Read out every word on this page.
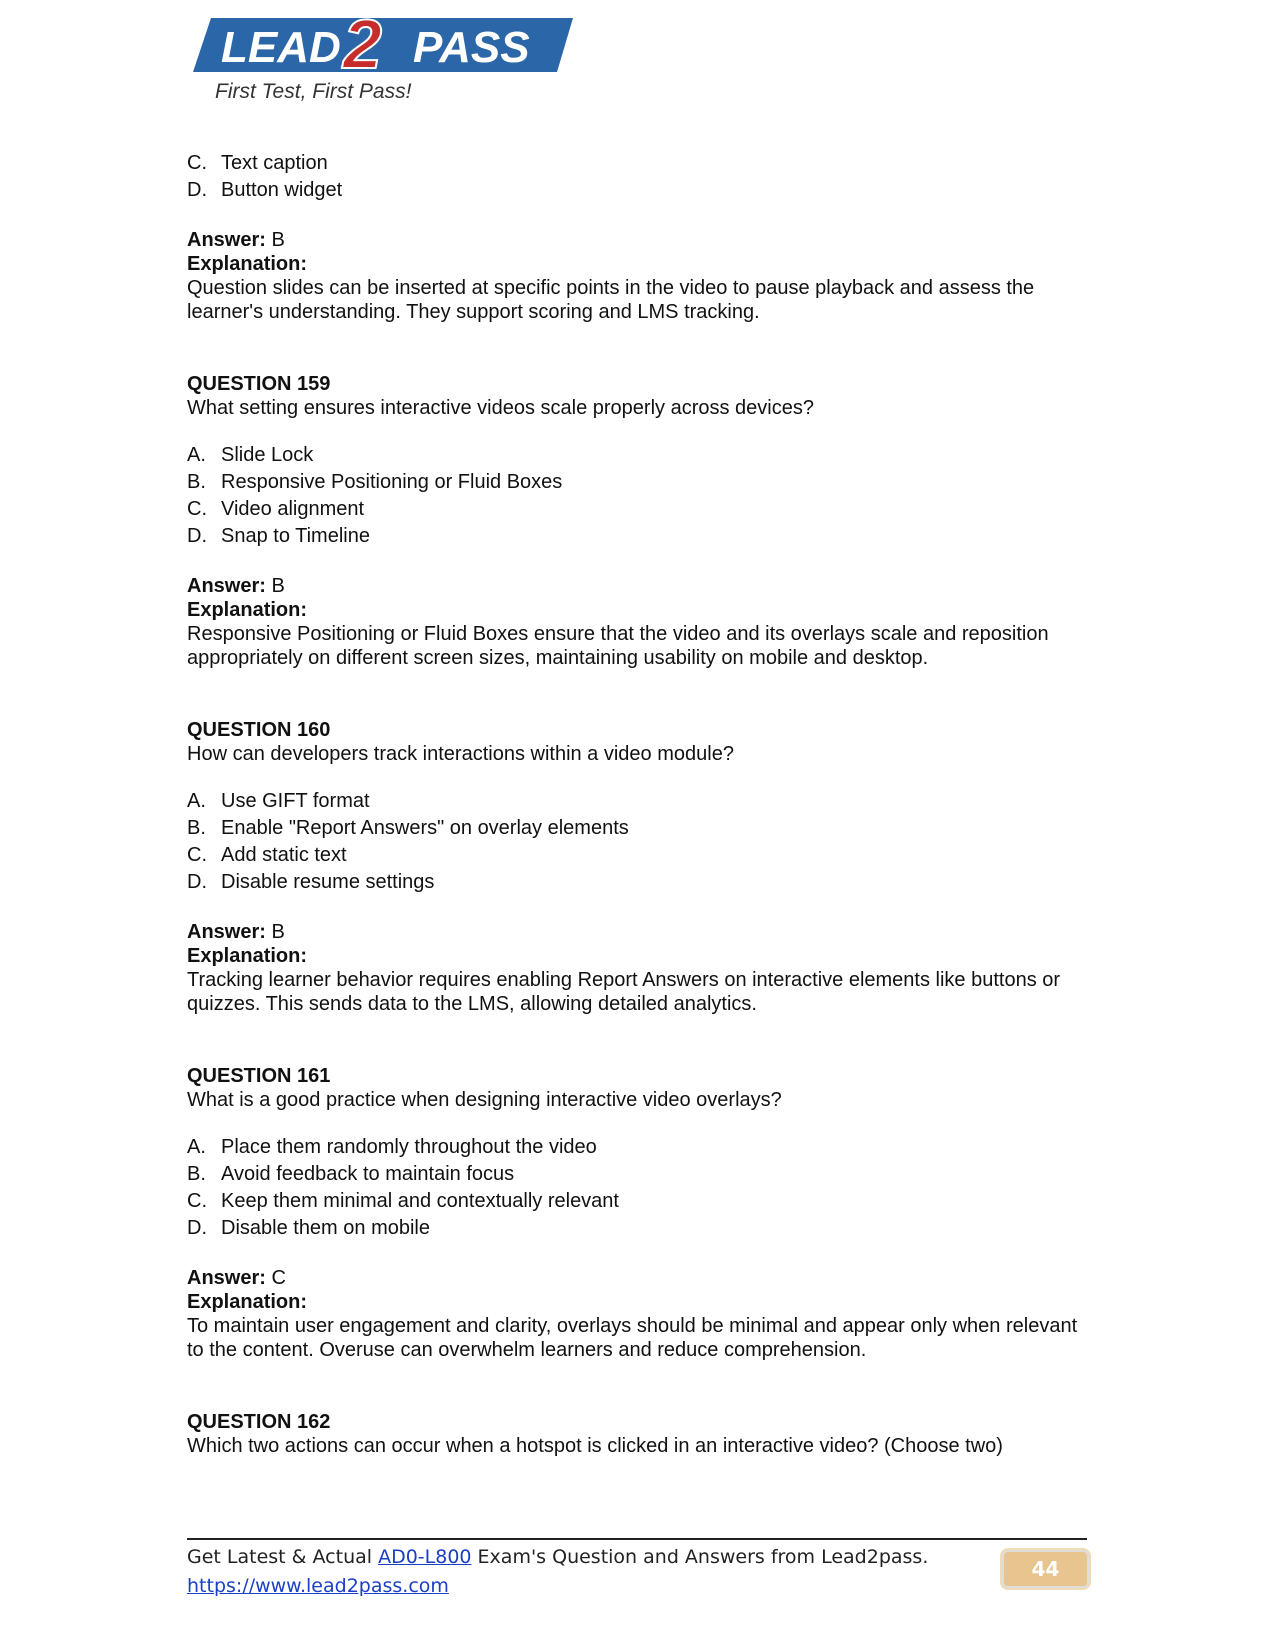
LEAD 2 PASS
First Test, First Pass!
C. Text caption
D. Button widget
Answer: B
Explanation:

Question slides can be inserted at specific points in the video to pause playback and assess the learner's understanding. They support scoring and LMS tracking.

QUESTION 159
What setting ensures interactive videos scale properly across devices?
A. Slide Lock
B. Responsive Positioning or Fluid Boxes
C. Video alignment
D. Snap to Timeline
Answer: B
Explanation:

Responsive Positioning or Fluid Boxes ensure that the video and its overlays scale and reposition appropriately on different screen sizes, maintaining usability on mobile and desktop.

QUESTION 160
How can developers track interactions within a video module?
A. Use GIFT format
B. Enable "Report Answers" on overlay elements
C. Add static text
D. Disable resume settings
Answer: B
Explanation:

Tracking learner behavior requires enabling Report Answers on interactive elements like buttons or quizzes. This sends data to the LMS, allowing detailed analytics.

QUESTION 161
What is a good practice when designing interactive video overlays?
A. Place them randomly throughout the video
B. Avoid feedback to maintain focus
C. Keep them minimal and contextually relevant
D. Disable them on mobile
Answer: C
Explanation:

To maintain user engagement and clarity, overlays should be minimal and appear only when relevant to the content. Overuse can overwhelm learners and reduce comprehension.

QUESTION 162
Which two actions can occur when a hotspot is clicked in an interactive video? (Choose two)
Get Latest & Actual AD0-L800 Exam's Question and Answers from Lead2pass.
https://www.lead2pass.com
44
